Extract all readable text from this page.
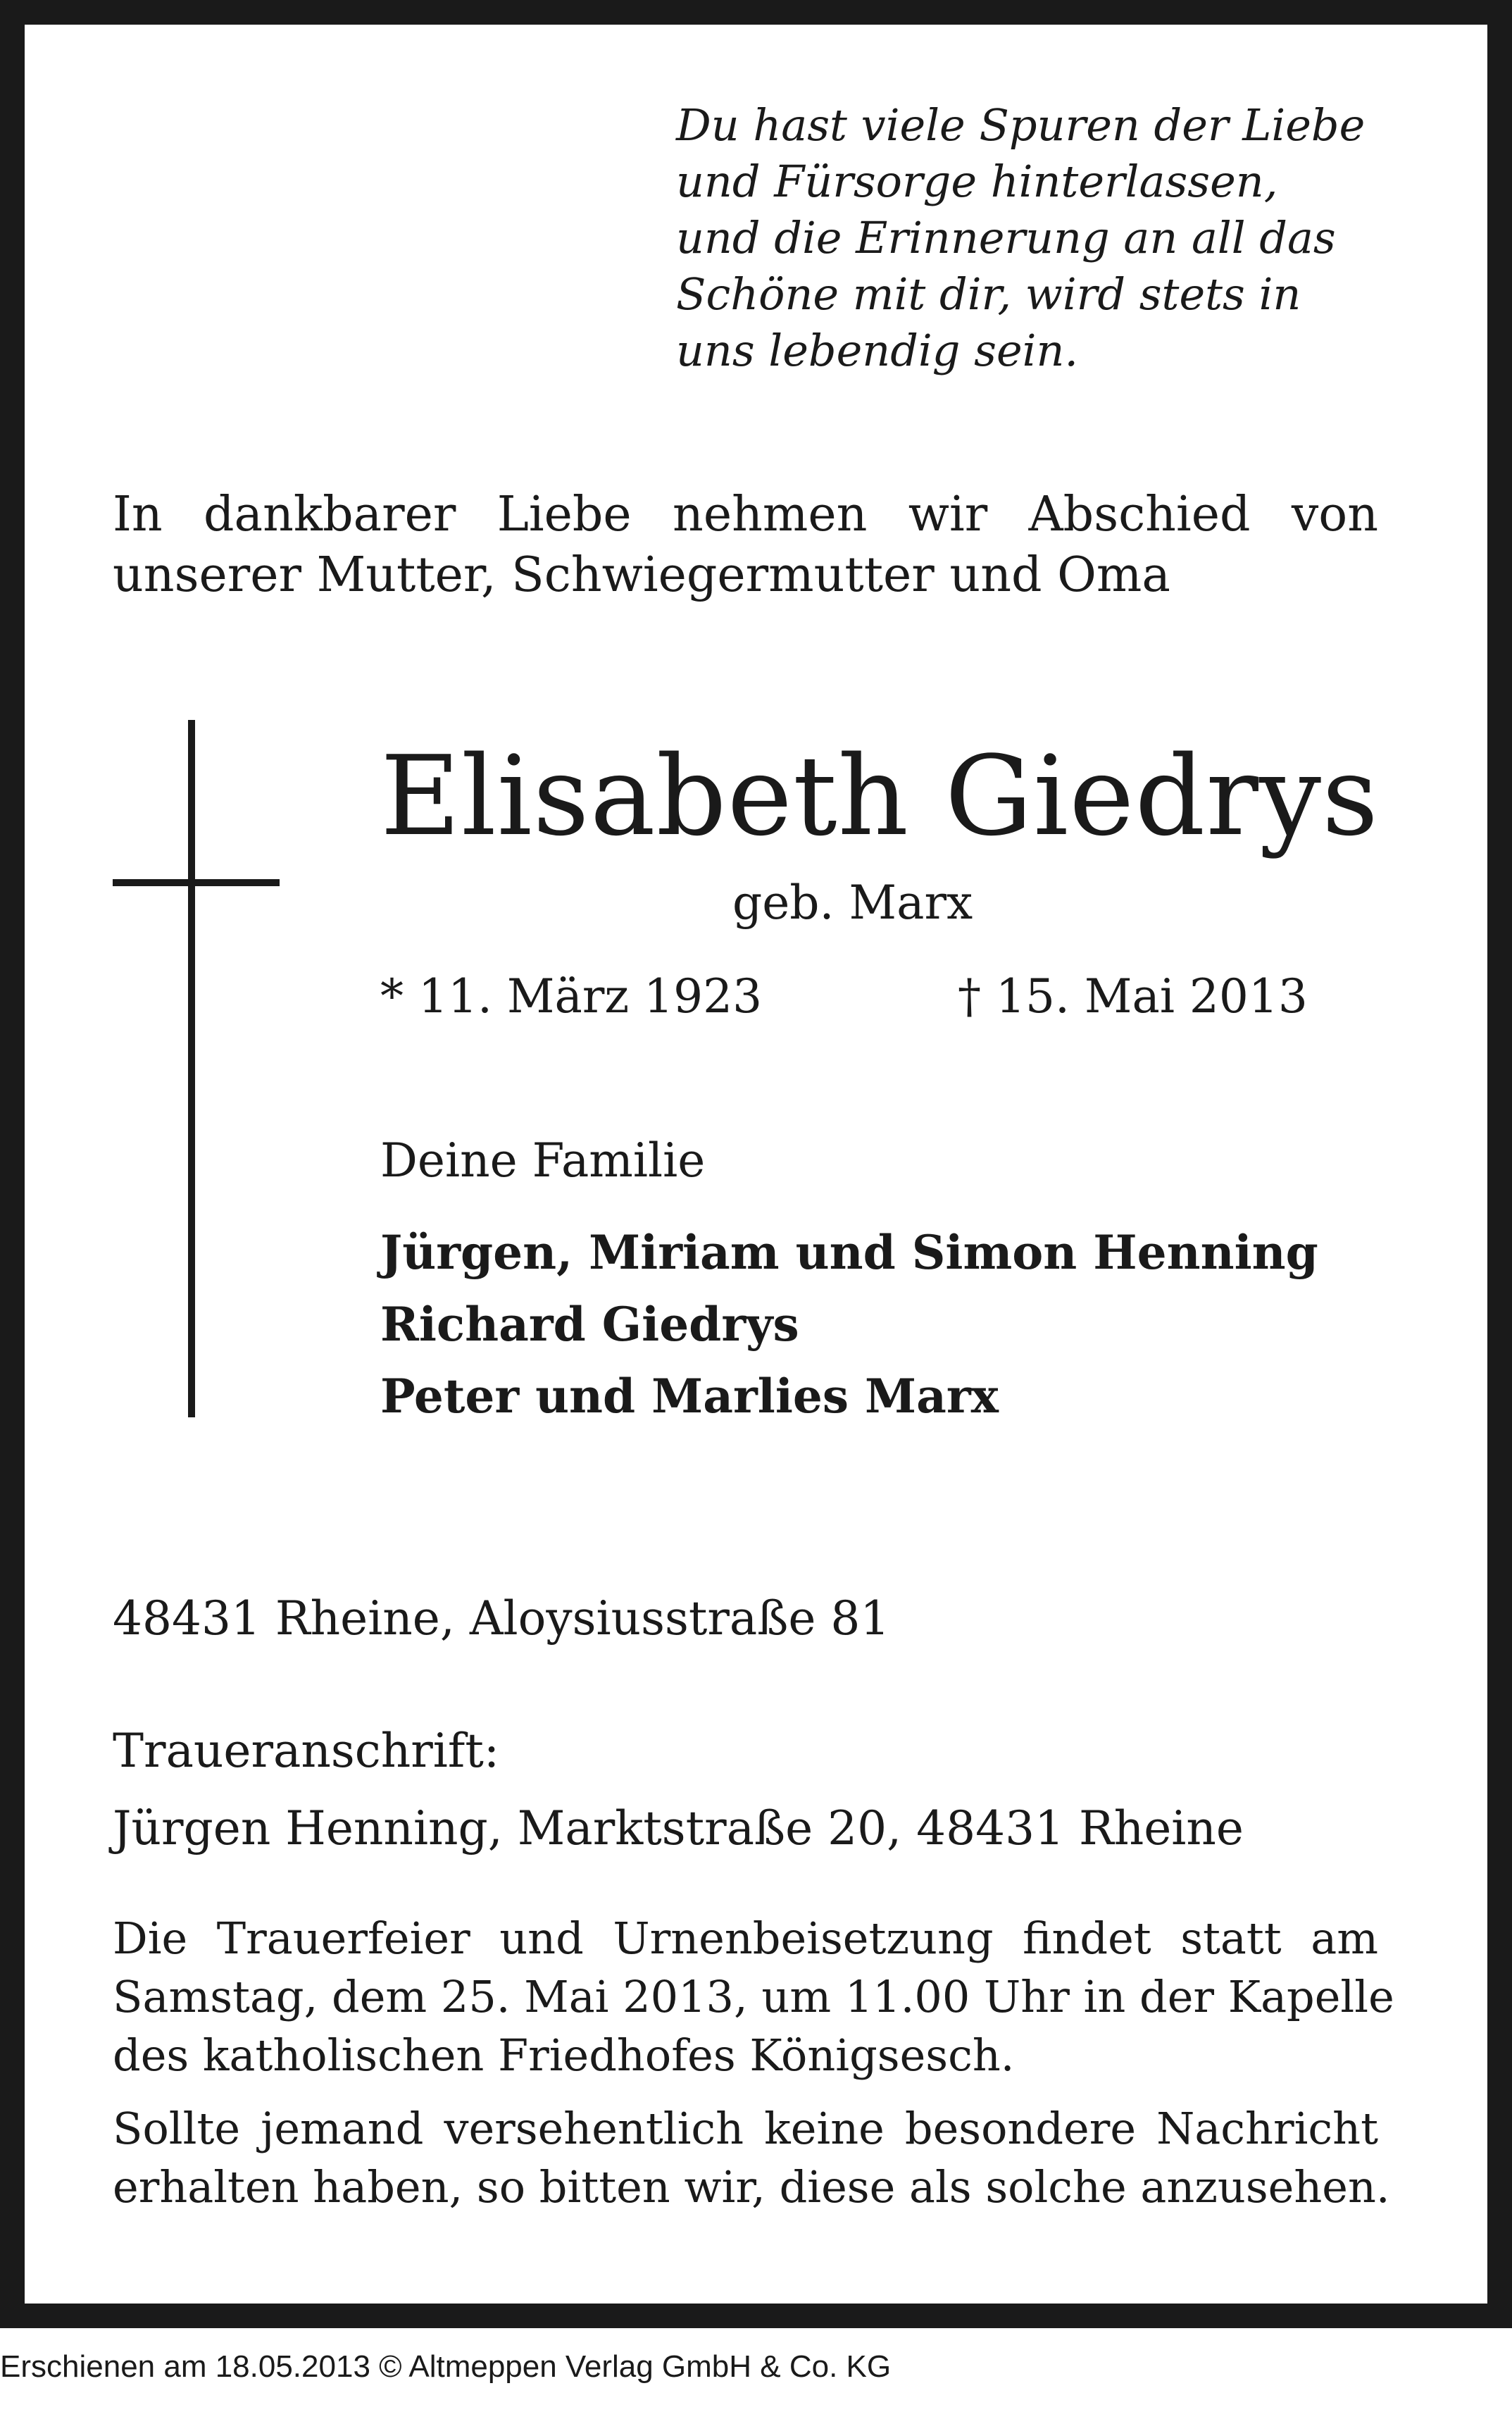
Du hast viele Spuren der Liebe
und Fürsorge hinterlassen,
und die Erinnerung an all das
Schöne mit dir, wird stets in
uns lebendig sein.
In dankbarer Liebe nehmen wir Abschied von
unserer Mutter, Schwiegermutter und Oma
Elisabeth Giedrys
geb. Marx
* 11. März 1923	† 15. Mai 2013
Deine Familie
Jürgen, Miriam und Simon Henning
Richard Giedrys
Peter und Marlies Marx
48431 Rheine, Aloysiusstraße 81
Traueranschrift:
Jürgen Henning, Marktstraße 20, 48431 Rheine
Die Trauerfeier und Urnenbeisetzung findet statt am
Samstag, dem 25. Mai 2013, um 11.00 Uhr in der Kapelle
des katholischen Friedhofes Königsesch.
Sollte jemand versehentlich keine besondere Nachricht
erhalten haben, so bitten wir, diese als solche anzusehen.
Erschienen am 18.05.2013 © Altmeppen Verlag GmbH & Co. KG
